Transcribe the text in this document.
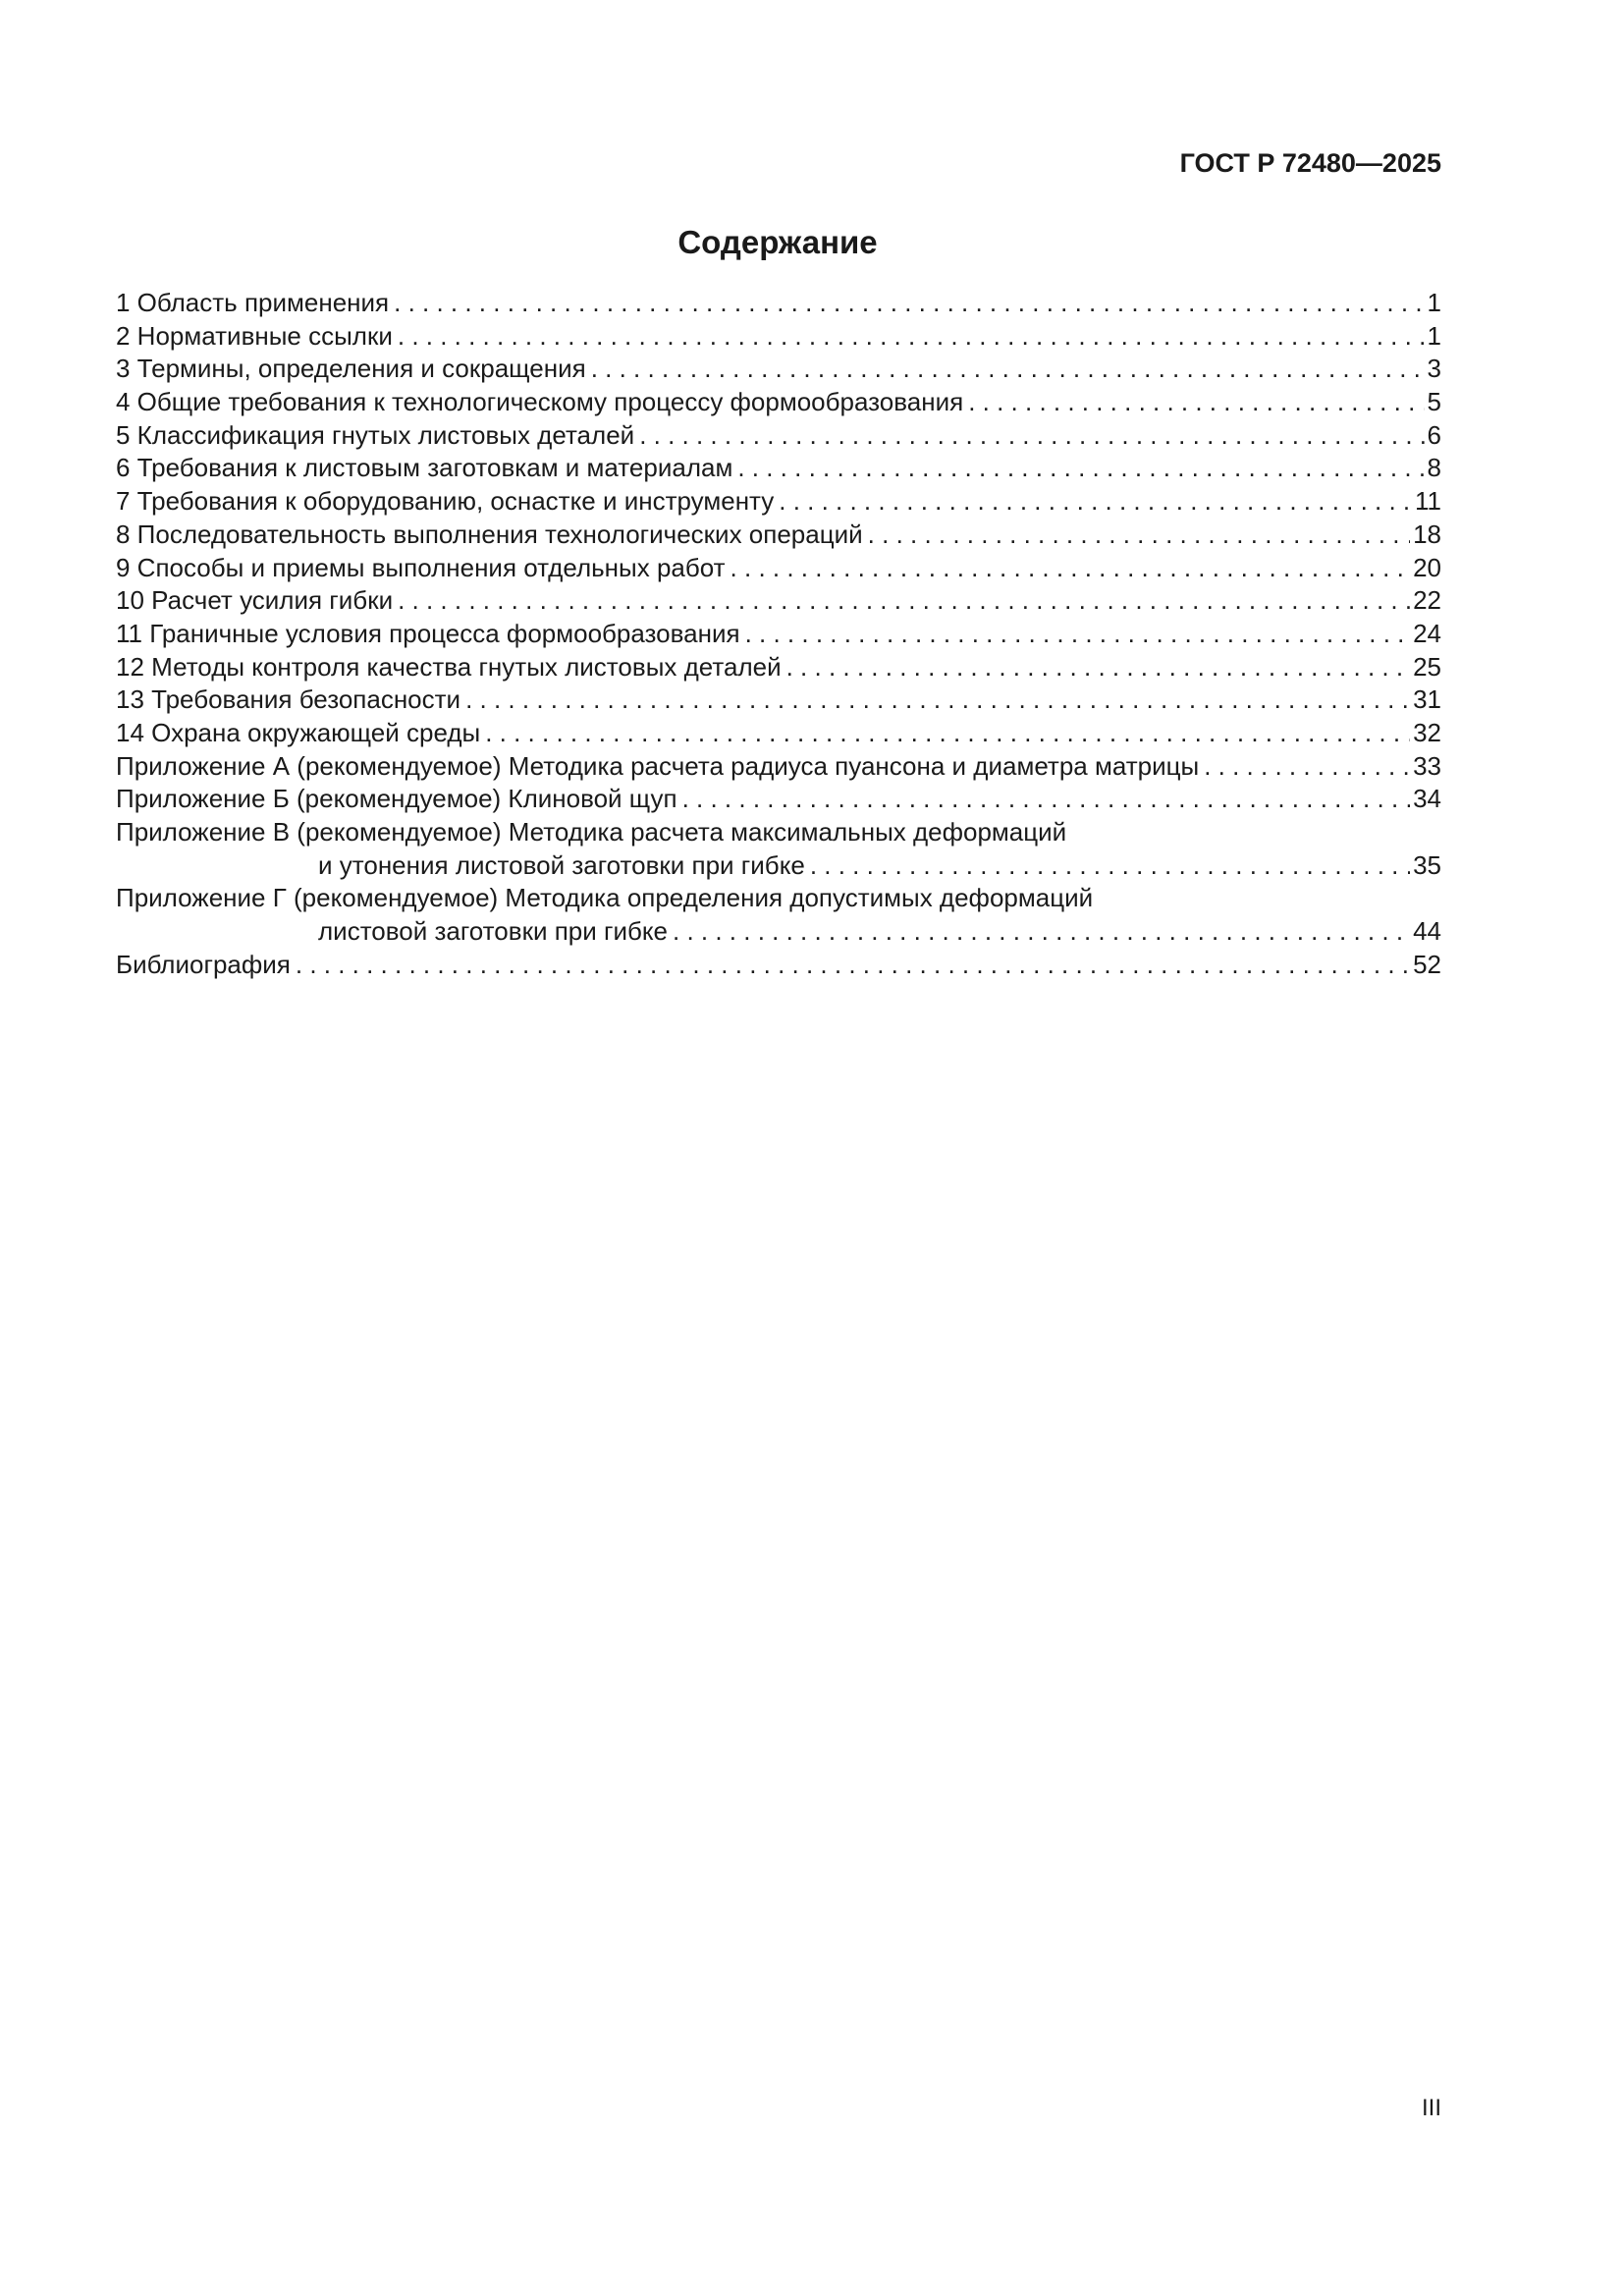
ГОСТ Р 72480—2025
Содержание
1 Область применения . . .	1
2 Нормативные ссылки . . .	1
3 Термины, определения и сокращения . . .	3
4 Общие требования к технологическому процессу формообразования . . .	5
5 Классификация гнутых листовых деталей . . .	6
6 Требования к листовым заготовкам и материалам . . .	8
7 Требования к оборудованию, оснастке и инструменту . . .	11
8 Последовательность выполнения технологических операций . . .	18
9 Способы и приемы выполнения отдельных работ . . .	20
10 Расчет усилия гибки . . .	22
11 Граничные условия процесса формообразования . . .	24
12 Методы контроля качества гнутых листовых деталей . . .	25
13 Требования безопасности . . .	31
14 Охрана окружающей среды . . .	32
Приложение А (рекомендуемое) Методика расчета радиуса пуансона и диаметра матрицы . . .	33
Приложение Б (рекомендуемое) Клиновой щуп . . .	34
Приложение В (рекомендуемое) Методика расчета максимальных деформаций
и утонения листовой заготовки при гибке . . .	35
Приложение Г (рекомендуемое) Методика определения допустимых деформаций
листовой заготовки при гибке . . .	44
Библиография . . .	52
III
